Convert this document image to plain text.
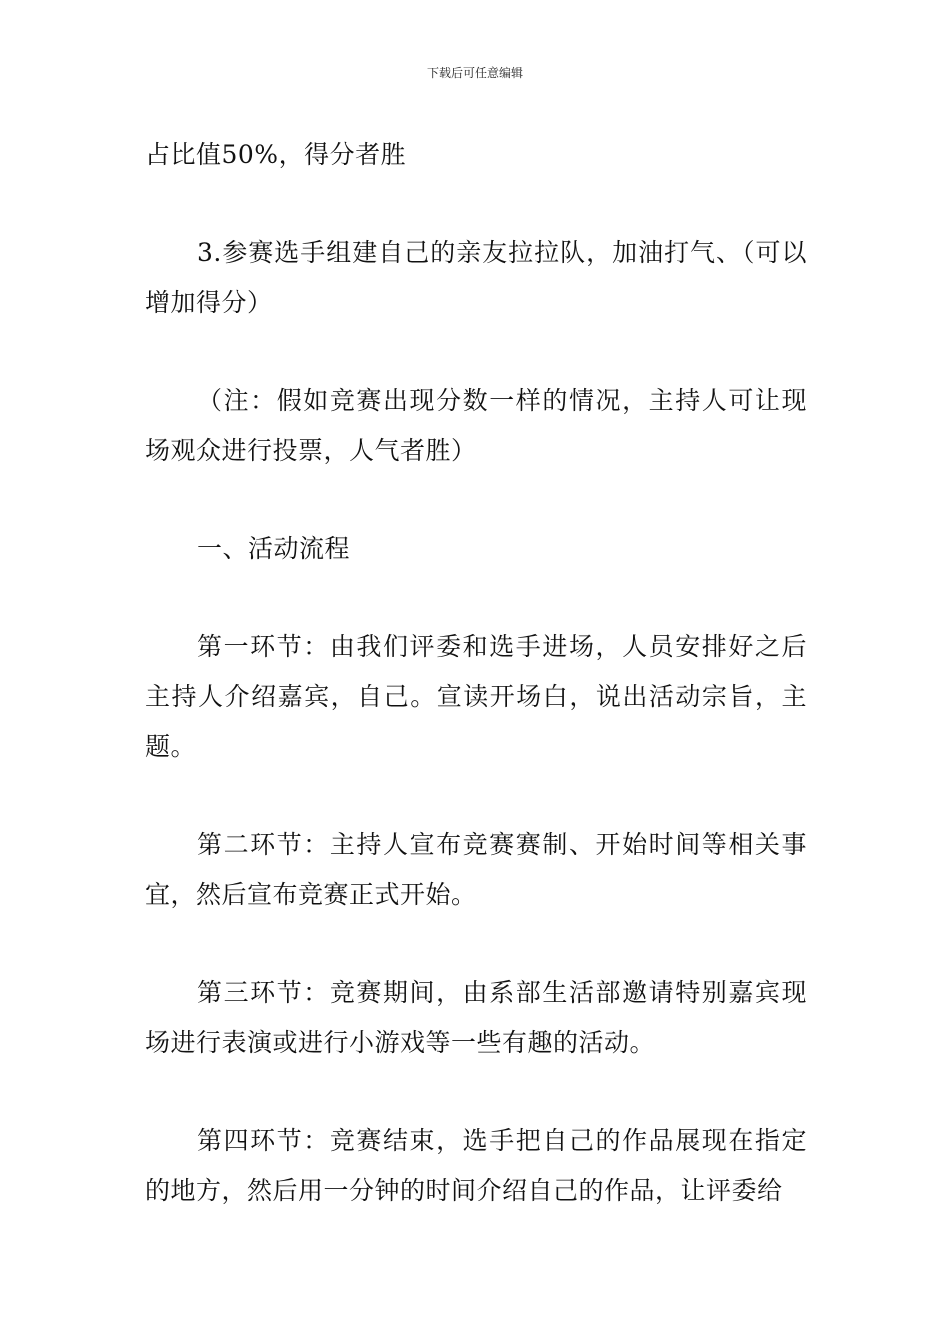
下载后可任意编辑

占比值50%，得分者胜

3.参赛选手组建自己的亲友拉拉队，加油打气、（可以增加得分）

（注：假如竞赛出现分数一样的情况，主持人可让现场观众进行投票，人气者胜）

一、活动流程

第一环节：由我们评委和选手进场，人员安排好之后主持人介绍嘉宾，自己。宣读开场白，说出活动宗旨，主题。

第二环节：主持人宣布竞赛赛制、开始时间等相关事宜，然后宣布竞赛正式开始。

第三环节：竞赛期间，由系部生活部邀请特别嘉宾现场进行表演或进行小游戏等一些有趣的活动。

第四环节：竞赛结束，选手把自己的作品展现在指定的地方，然后用一分钟的时间介绍自己的作品，让评委给
